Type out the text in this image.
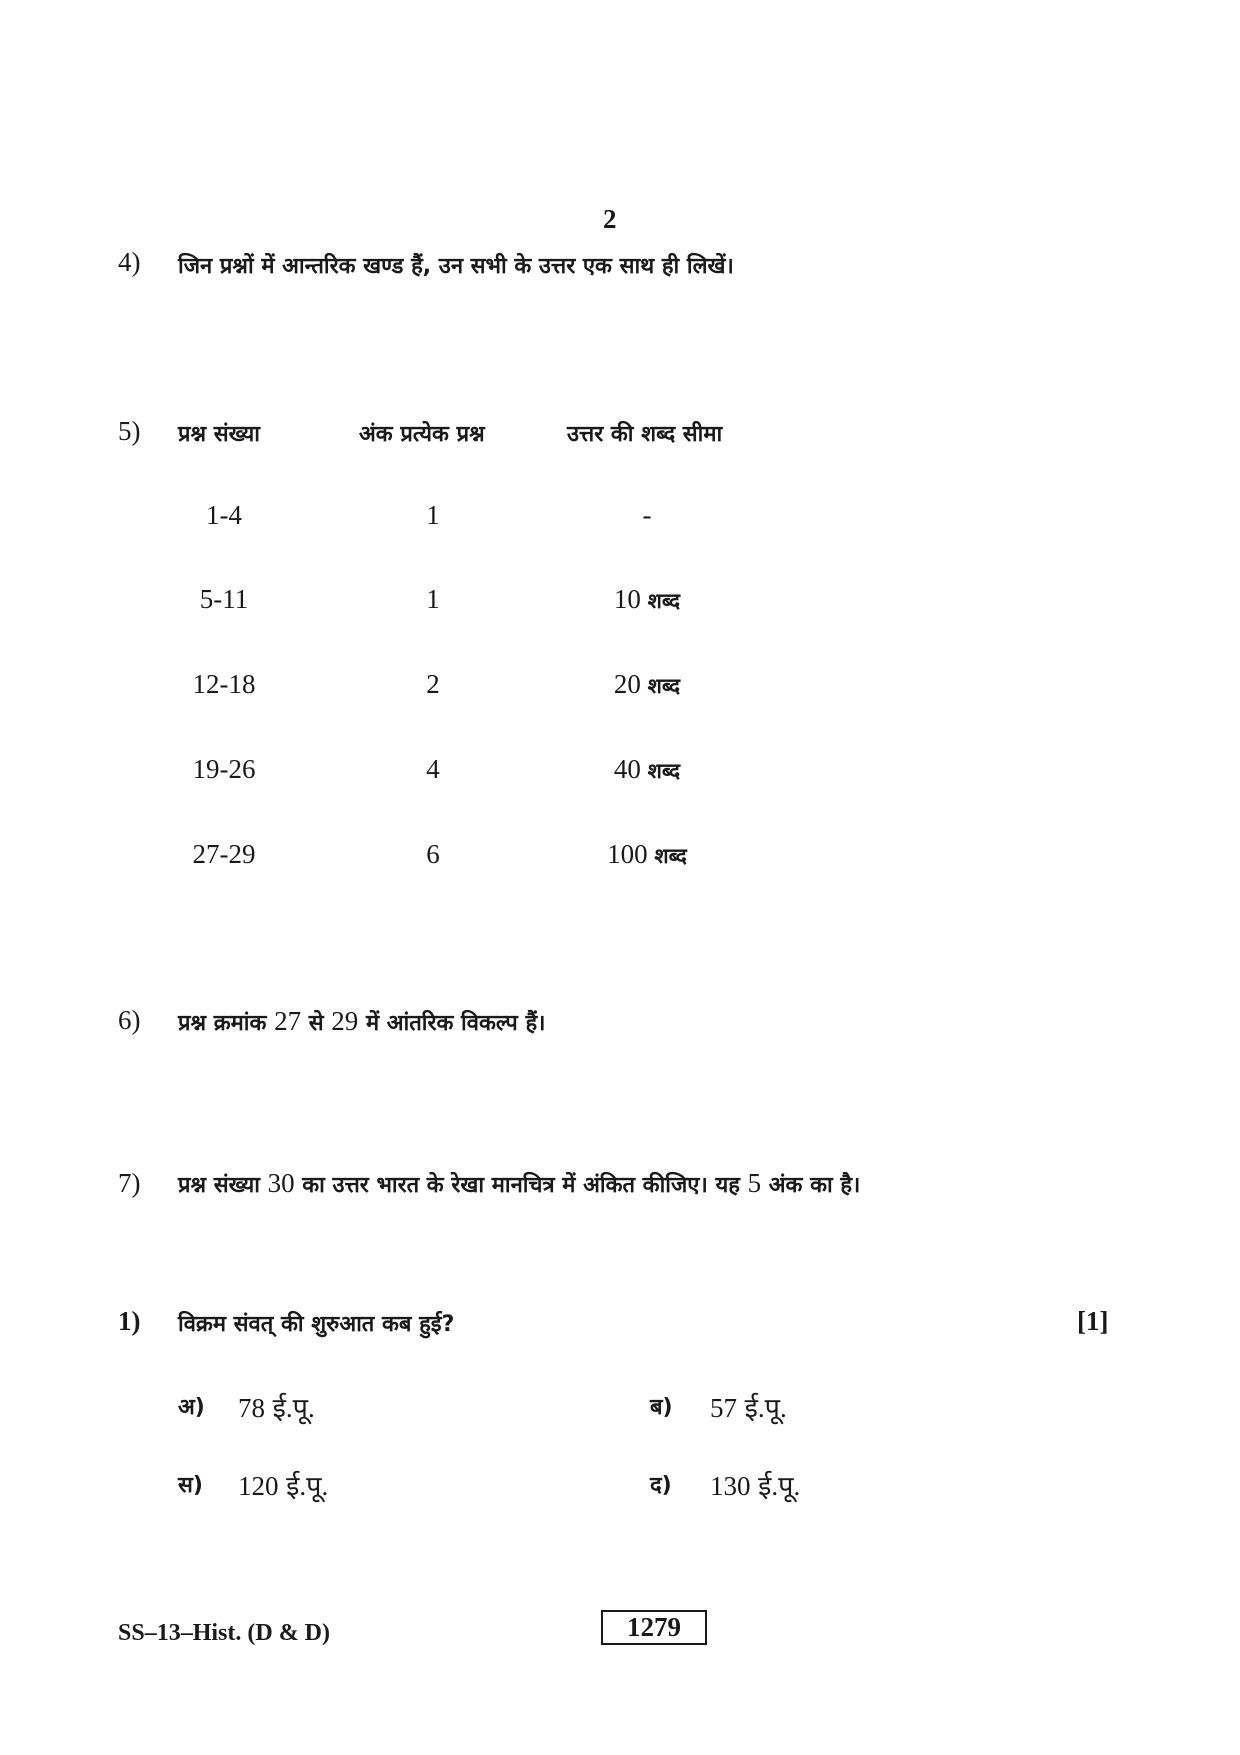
2
4) जिन प्रश्नों में आन्तरिक खण्ड हैं, उन सभी के उत्तर एक साथ ही लिखें।
5) प्रश्न संख्या	अंक प्रत्येक प्रश्न	उत्तर की शब्द सीमा
1-4	1	-
5-11	1	10 शब्द
12-18	2	20 शब्द
19-26	4	40 शब्द
27-29	6	100 शब्द
6) प्रश्न क्रमांक 27 से 29 में आंतरिक विकल्प हैं।
7) प्रश्न संख्या 30 का उत्तर भारत के रेखा मानचित्र में अंकित कीजिए। यह 5 अंक का है।
1) विक्रम संवत् की शुरुआत कब हुई?	[1]
अ) 78 ई.पू.	ब) 57 ई.पू.
स) 120 ई.पू.	द) 130 ई.पू.
SS–13–Hist. (D & D)	1279
